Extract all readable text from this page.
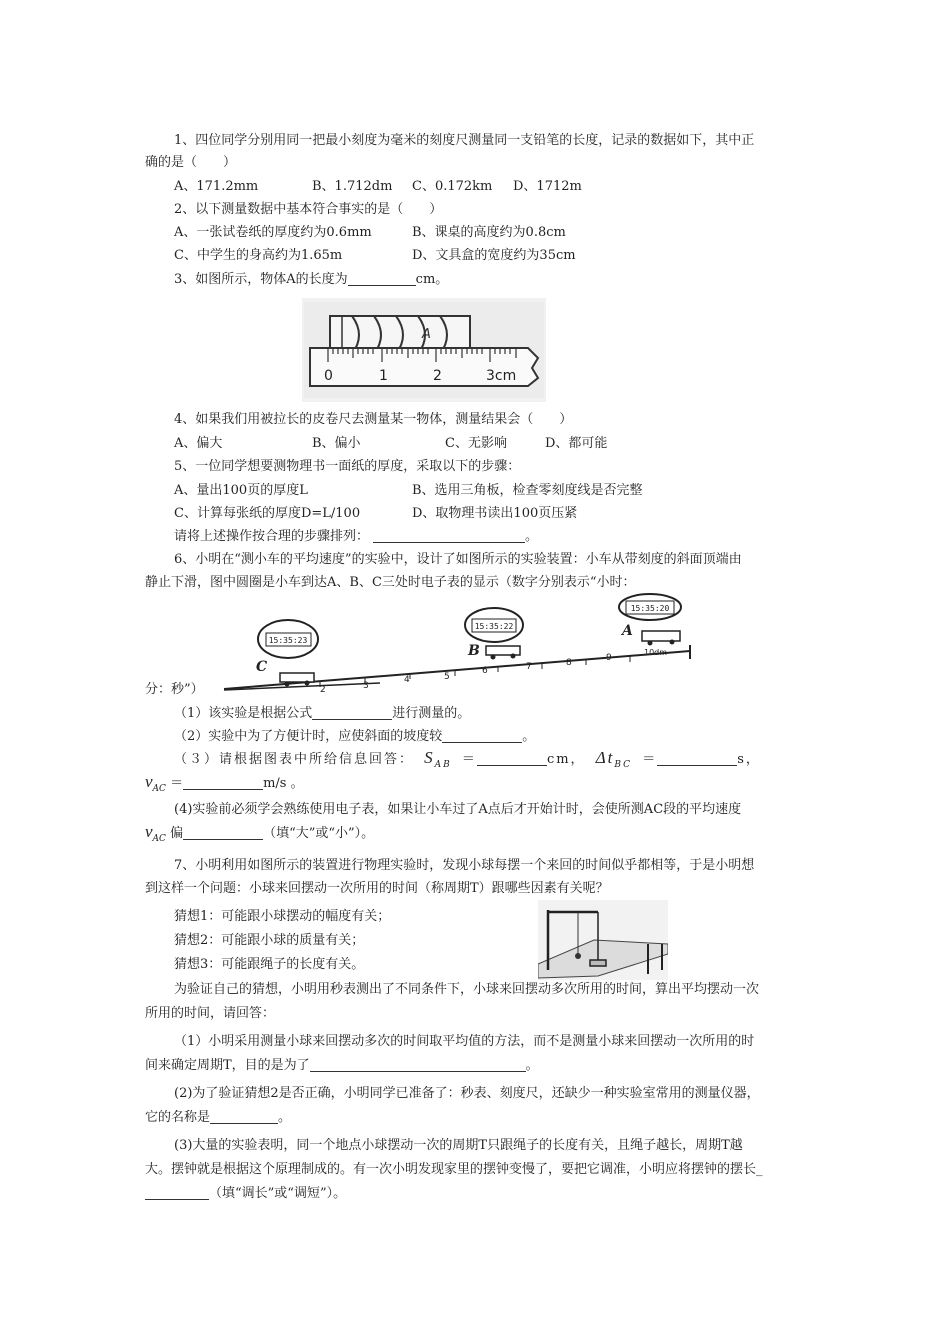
1、四位同学分别用同一把最小刻度为毫米的刻度尺测量同一支铅笔的长度，记录的数据如下，其中正
确的是（　　）
A、171.2mm	B、1.712dm C、0.172km D、1712m
2、以下测量数据中基本符合事实的是（　　）
A、一张试卷纸的厚度约为0.6mm	B、课桌的高度约为0.8cm
C、中学生的身高约为1.65m	D、文具盒的宽度约为35cm
3、如图所示，物体A的长度为	cm。
A
0	1	2	3cm
4、如果我们用被拉长的皮卷尺去测量某一物体，测量结果会（　　）
A、偏大	B、偏小	C、无影响	D、都可能
5、一位同学想要测物理书一面纸的厚度，采取以下的步骤：
A、量出100页的厚度L	B、选用三角板，检查零刻度线是否完整
C、计算每张纸的厚度D=L/100	D、取物理书读出100页压紧
请将上述操作按合理的步骤排列：	。
6、小明在“测小车的平均速度”的实验中，设计了如图所示的实验装置：小车从带刻度的斜面顶端由
静止下滑，图中圆圈是小车到达A、B、C三处时电子表的显示（数字分别表示“小时：
2	3
4	5
6	7	8	9
10dm
C
15:35:23
B
15:35:22	A
15:35:20
分：秒”）
（1）该实验是根据公式	进行测量的。
（2）实验中为了方便计时，应使斜面的坡度较	。
（３）请根据图表中所给信息回答： $S_{AB}$ ＝	cm， $\Delta t_{BC}$ ＝	s，
$v_{AC}$ ＝	m/s 。
(4)实验前必须学会熟练使用电子表，如果让小车过了A点后才开始计时，会使所测AC段的平均速度
$v_{AC}$ 偏	（填“大”或“小”）。
7、小明利用如图所示的装置进行物理实验时，发现小球每摆一个来回的时间似乎都相等，于是小明想
到这样一个问题：小球来回摆动一次所用的时间（称周期T）跟哪些因素有关呢？
猜想1：可能跟小球摆动的幅度有关；
猜想2：可能跟小球的质量有关；
猜想3：可能跟绳子的长度有关。
为验证自己的猜想，小明用秒表测出了不同条件下，小球来回摆动多次所用的时间，算出平均摆动一次
所用的时间，请回答：
（1）小明采用测量小球来回摆动多次的时间取平均值的方法，而不是测量小球来回摆动一次所用的时
间来确定周期T，目的是为了	。
(2)为了验证猜想2是否正确，小明同学已准备了：秒表、刻度尺，还缺少一种实验室常用的测量仪器，
它的名称是	。
(3)大量的实验表明，同一个地点小球摆动一次的周期T只跟绳子的长度有关，且绳子越长，周期T越
大。摆钟就是根据这个原理制成的。有一次小明发现家里的摆钟变慢了，要把它调准，小明应将摆钟的摆长_
（填“调长”或“调短”）。
